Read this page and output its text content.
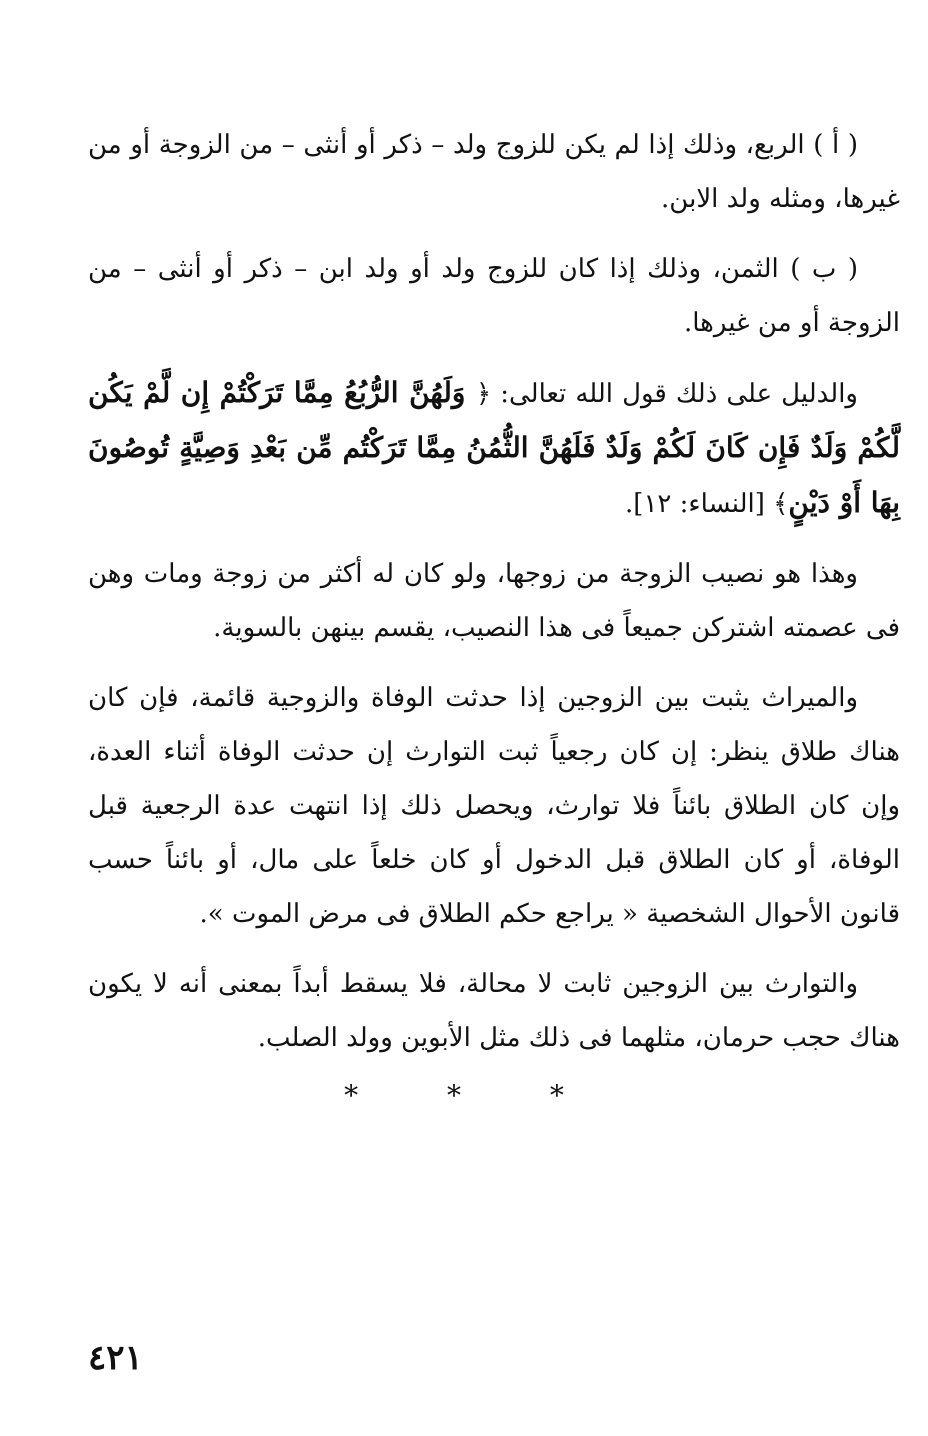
( أ ) الربع، وذلك إذا لم يكن للزوج ولد – ذكر أو أنثى – من الزوجة أو من غيرها، ومثله ولد الابن.

( ب ) الثمن، وذلك إذا كان للزوج ولد أو ولد ابن – ذكر أو أنثى – من الزوجة أو من غيرها.

والدليل على ذلك قول الله تعالى: ﴿ وَلَهُنَّ الرُّبُعُ مِمَّا تَرَكْتُمْ إِن لَّمْ يَكُن لَّكُمْ وَلَدٌ فَإِن كَانَ لَكُمْ وَلَدٌ فَلَهُنَّ الثُّمُنُ مِمَّا تَرَكْتُم مِّن بَعْدِ وَصِيَّةٍ تُوصُونَ بِهَا أَوْ دَيْنٍ﴾ [النساء: ١٢].

وهذا هو نصيب الزوجة من زوجها، ولو كان له أكثر من زوجة ومات وهن فى عصمته اشتركن جميعاً فى هذا النصيب، يقسم بينهن بالسوية.

والميراث يثبت بين الزوجين إذا حدثت الوفاة والزوجية قائمة، فإن كان هناك طلاق ينظر: إن كان رجعياً ثبت التوارث إن حدثت الوفاة أثناء العدة، وإن كان الطلاق بائناً فلا توارث، ويحصل ذلك إذا انتهت عدة الرجعية قبل الوفاة، أو كان الطلاق قبل الدخول أو كان خلعاً على مال، أو بائناً حسب قانون الأحوال الشخصية « يراجع حكم الطلاق فى مرض الموت ».

والتوارث بين الزوجين ثابت لا محالة، فلا يسقط أبداً بمعنى أنه لا يكون هناك حجب حرمان، مثلهما فى ذلك مثل الأبوين وولد الصلب.

* * *
٤٢١
